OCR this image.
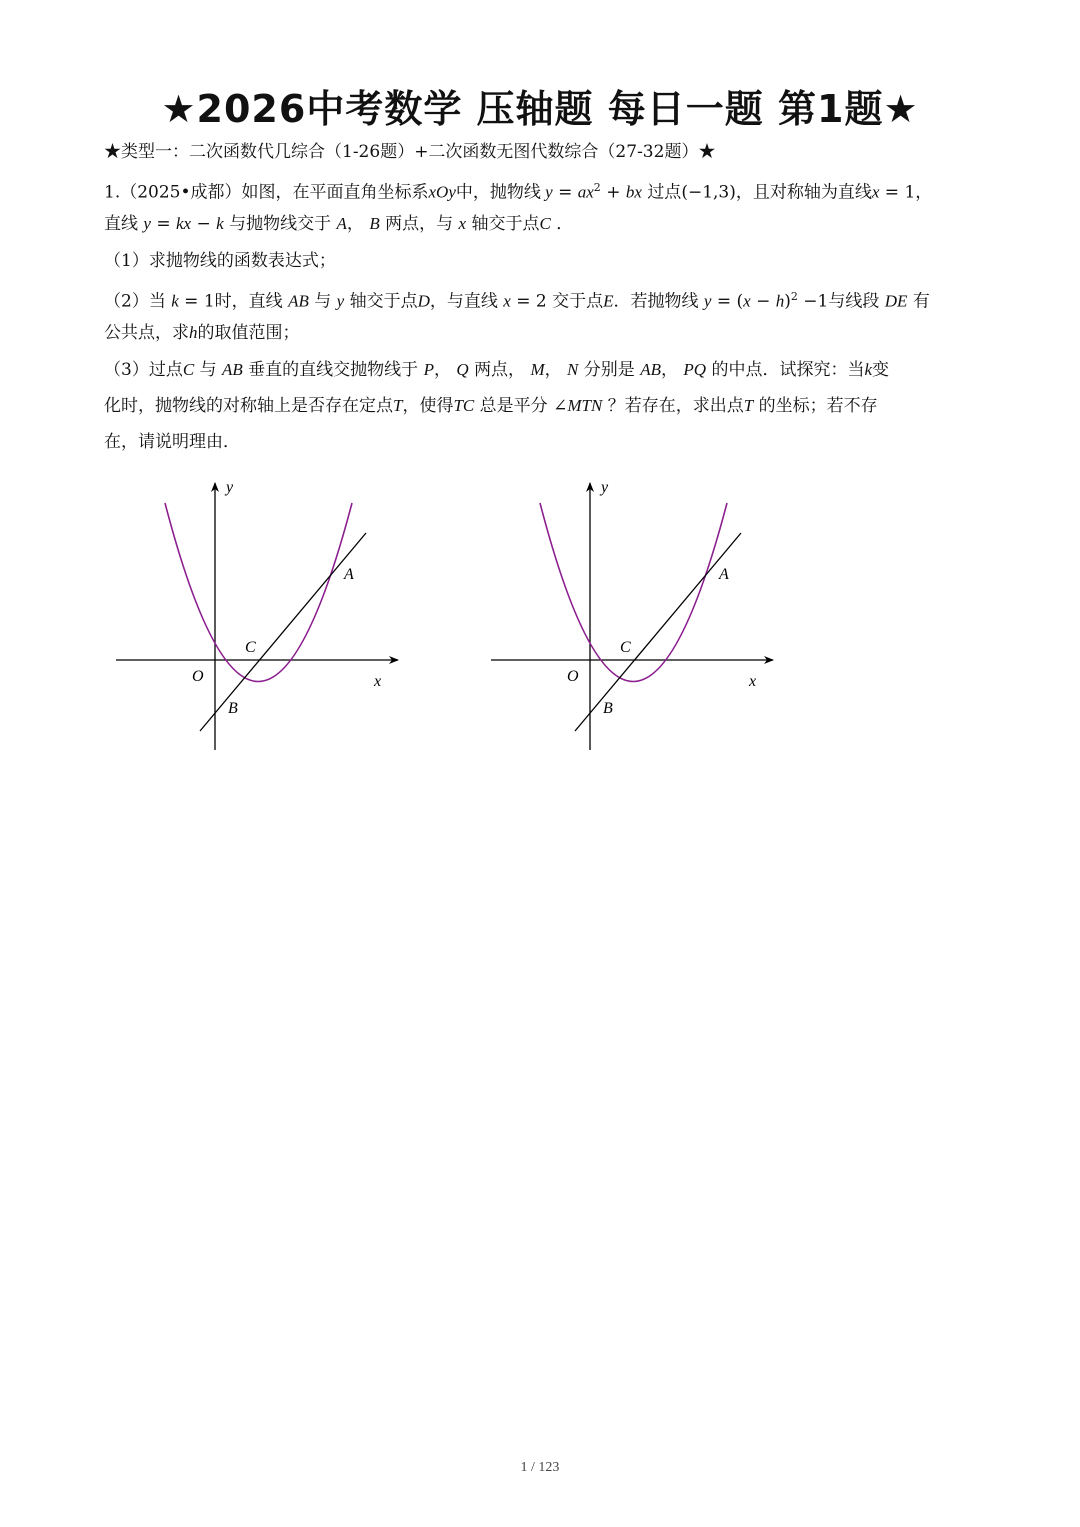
★2026中考数学 压轴题 每日一题 第1题★
★类型一：二次函数代几综合（1-26题）+二次函数无图代数综合（27-32题）★
1.（2025•成都）如图，在平面直角坐标系xOy中，抛物线 $y = ax^2$ + bx 过点(−1,3)，且对称轴为直线x = 1，
直线 y = kx − k 与抛物线交于 A， B 两点，与 x 轴交于点C ．
（1）求抛物线的函数表达式；
（2）当 k = 1时，直线 AB 与 y 轴交于点D，与直线 x = 2 交于点E．若抛物线 $y = (x - h)^2 -1$与线段 DE 有
公共点，求h的取值范围；
（3）过点C 与 AB 垂直的直线交抛物线于 P， Q 两点， M， N 分别是 AB， PQ 的中点．试探究：当k变
化时，抛物线的对称轴上是否存在定点T，使得TC 总是平分 ∠MTN ？若存在，求出点T 的坐标；若不存
在，请说明理由．
y
x
O
A
B
C
y
x
O
A
B
C
1 / 123
